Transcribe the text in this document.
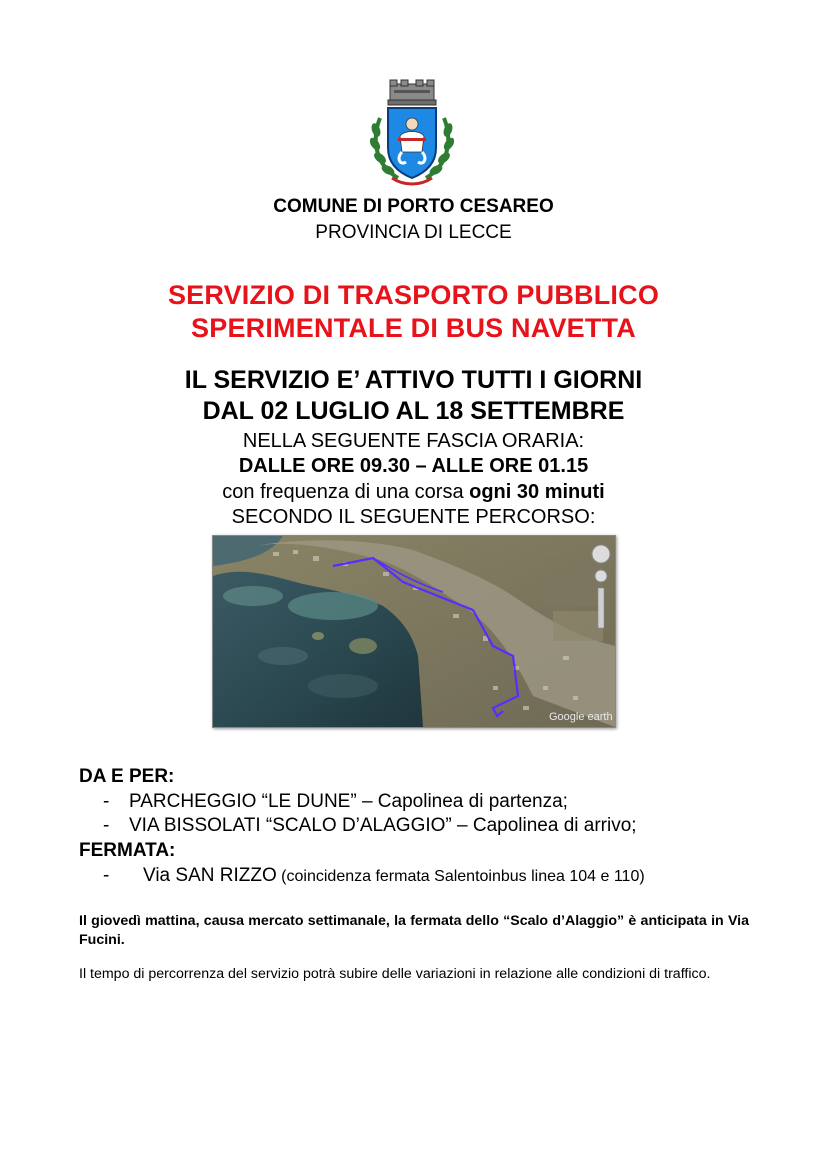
COMUNE DI PORTO CESAREO
PROVINCIA DI LECCE
SERVIZIO DI TRASPORTO PUBBLICO
SPERIMENTALE DI BUS NAVETTA
IL SERVIZIO E’ ATTIVO TUTTI I GIORNI
DAL 02 LUGLIO AL 18 SETTEMBRE
NELLA SEGUENTE FASCIA ORARIA:
DALLE ORE 09.30 – ALLE ORE 01.15
con frequenza di una corsa ogni 30 minuti
SECONDO IL SEGUENTE PERCORSO:
Google earth
DA E PER:
- PARCHEGGIO “LE DUNE” – Capolinea di partenza;
- VIA BISSOLATI “SCALO D’ALAGGIO” – Capolinea di arrivo;
FERMATA:
- Via SAN RIZZO (coincidenza fermata Salentoinbus linea 104 e 110)
Il giovedì mattina, causa mercato settimanale, la fermata dello “Scalo d’Alaggio” è anticipata in Via Fucini.
Il tempo di percorrenza del servizio potrà subire delle variazioni in relazione alle condizioni di traffico.
